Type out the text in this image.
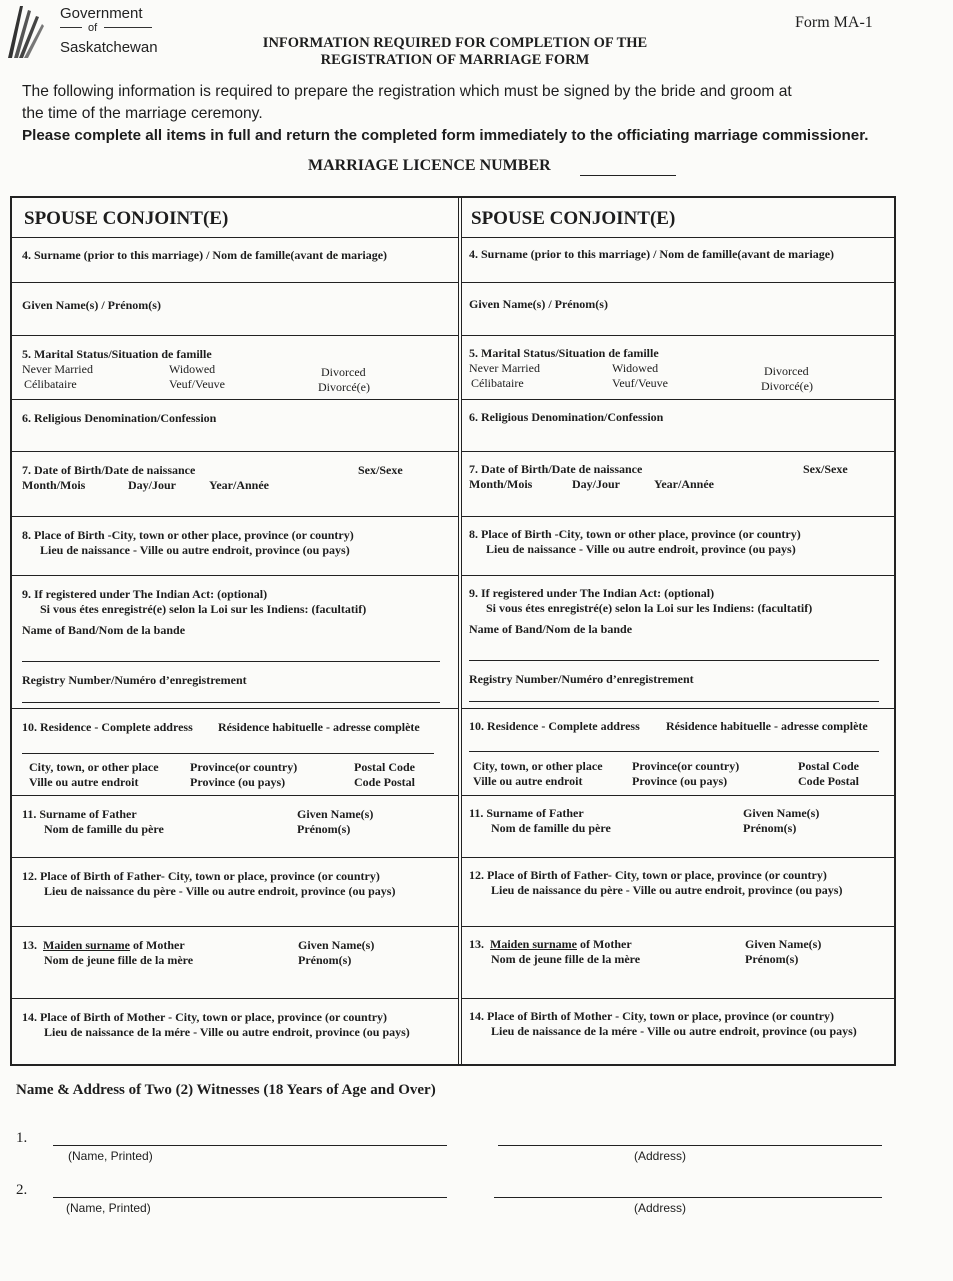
Government
of
Saskatchewan
Form MA-1
INFORMATION REQUIRED FOR COMPLETION OF THE
REGISTRATION OF MARRIAGE FORM
The following information is required to prepare the registration which must be signed by the bride and groom at
the time of the marriage ceremony.
Please complete all items in full and return the completed form immediately to the officiating marriage commissioner.
MARRIAGE LICENCE NUMBER
SPOUSE CONJOINT(E)
4. Surname (prior to this marriage) / Nom de famille(avant de mariage)
Given Name(s) / Prénom(s)
5. Marital Status/Situation de famille
Never Married
Célibataire
Widowed
Veuf/Veuve
Divorced
Divorcé(e)
6. Religious Denomination/Confession
7. Date of Birth/Date de naissance	Sex/Sexe
Month/Mois	Day/Jour	Year/Année
8. Place of Birth -City, town or other place, province (or country)
Lieu de naissance - Ville ou autre endroit, province (ou pays)
9. If registered under The Indian Act: (optional)
Si vous étes enregistré(e) selon la Loi sur les Indiens: (facultatif)
Name of Band/Nom de la bande
Registry Number/Numéro d’enregistrement
10. Residence - Complete address Résidence habituelle - adresse complète
City, town, or other place
Ville ou autre endroit
Province(or country)
Province (ou pays)
Postal Code
Code Postal
11. Surname of Father
Nom de famille du père
Given Name(s)
Prénom(s)
12. Place of Birth of Father- City, town or place, province (or country)
Lieu de naissance du père - Ville ou autre endroit, province (ou pays)
13. Maiden surname of Mother
Nom de jeune fille de la mère
Given Name(s)
Prénom(s)
14. Place of Birth of Mother - City, town or place, province (or country)
Lieu de naissance de la mére - Ville ou autre endroit, province (ou pays)
SPOUSE CONJOINT(E)
4. Surname (prior to this marriage) / Nom de famille(avant de mariage)
Given Name(s) / Prénom(s)
5. Marital Status/Situation de famille
Never Married
Célibataire
Widowed
Veuf/Veuve
Divorced
Divorcé(e)
6. Religious Denomination/Confession
7. Date of Birth/Date de naissance	Sex/Sexe
Month/Mois	Day/Jour	Year/Année
8. Place of Birth -City, town or other place, province (or country)
Lieu de naissance - Ville ou autre endroit, province (ou pays)
9. If registered under The Indian Act: (optional)
Si vous étes enregistré(e) selon la Loi sur les Indiens: (facultatif)
Name of Band/Nom de la bande
Registry Number/Numéro d’enregistrement
10. Residence - Complete address Résidence habituelle - adresse complète
City, town, or other place
Ville ou autre endroit
Province(or country)
Province (ou pays)
Postal Code
Code Postal
11. Surname of Father
Nom de famille du père
Given Name(s)
Prénom(s)
12. Place of Birth of Father- City, town or place, province (or country)
Lieu de naissance du père - Ville ou autre endroit, province (ou pays)
13. Maiden surname of Mother
Nom de jeune fille de la mère
Given Name(s)
Prénom(s)
14. Place of Birth of Mother - City, town or place, province (or country)
Lieu de naissance de la mére - Ville ou autre endroit, province (ou pays)
Name & Address of Two (2) Witnesses (18 Years of Age and Over)
1.
(Name, Printed)	(Address)
2.
(Name, Printed)	(Address)
